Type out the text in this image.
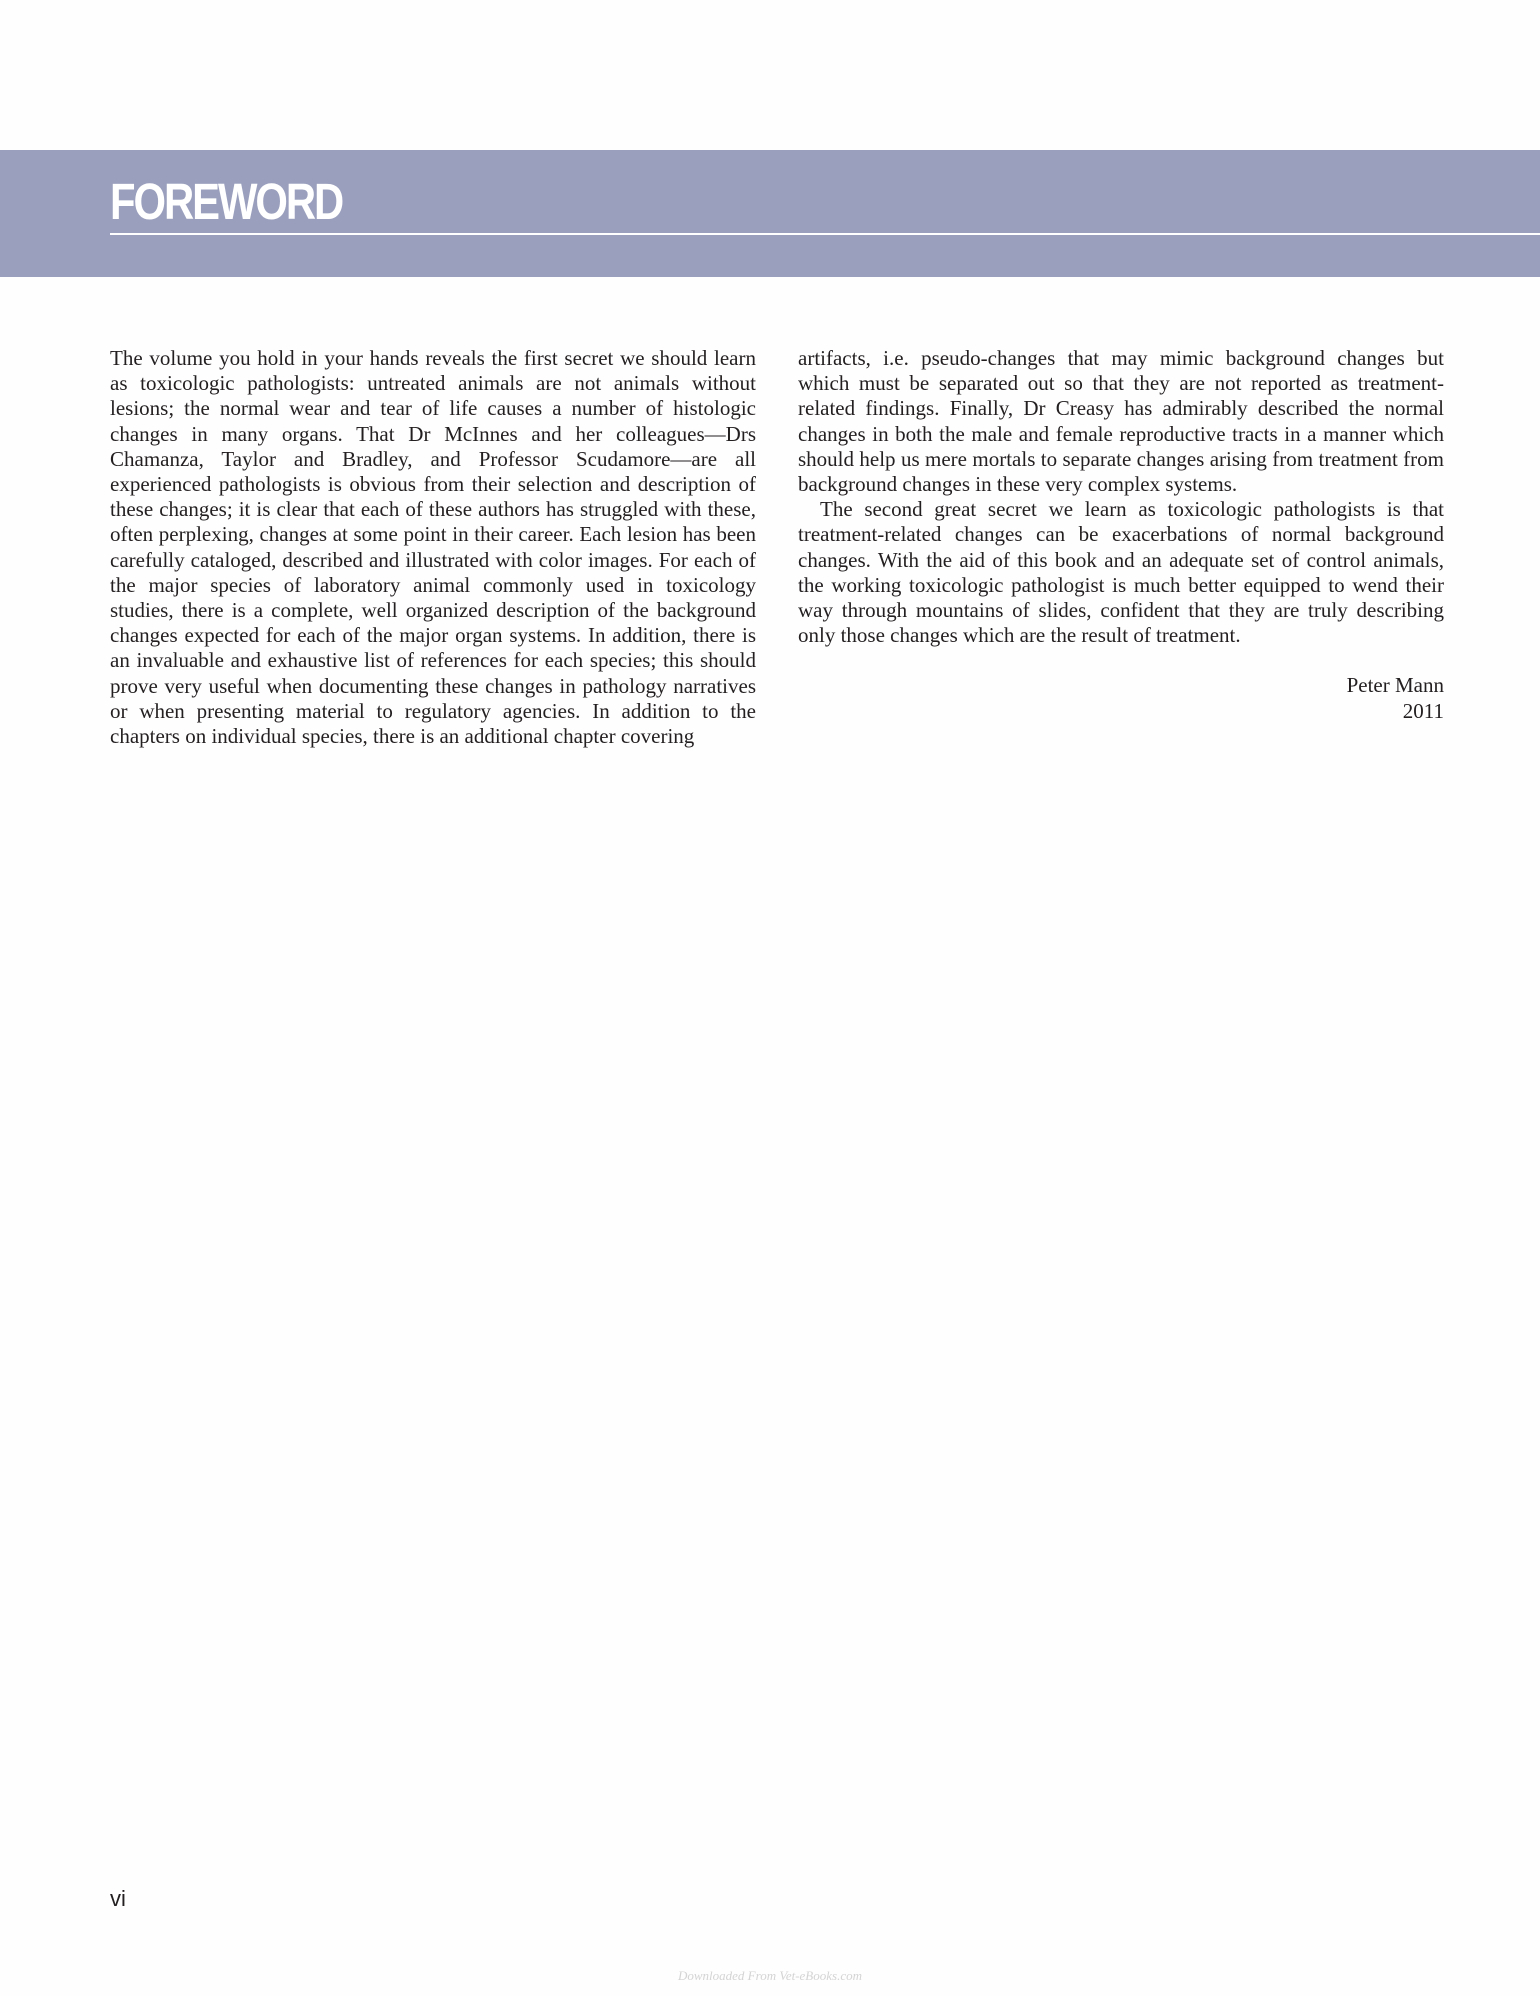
FOREWORD

The volume you hold in your hands reveals the first secret we should learn as toxicologic pathologists: untreated animals are not animals without lesions; the normal wear and tear of life causes a number of histologic changes in many organs. That Dr McInnes and her colleagues—Drs Chamanza, Taylor and Bradley, and Professor Scudamore—are all experienced pathologists is obvious from their selection and description of these changes; it is clear that each of these authors has struggled with these, often perplexing, changes at some point in their career. Each lesion has been carefully cataloged, described and illustrated with color images. For each of the major species of laboratory animal commonly used in toxicology studies, there is a complete, well organized description of the background changes expected for each of the major organ systems. In addition, there is an invaluable and exhaustive list of references for each species; this should prove very useful when documenting these changes in pathology narratives or when presenting material to regulatory agencies. In addition to the chapters on individual species, there is an additional chapter covering

artifacts, i.e. pseudo-changes that may mimic background changes but which must be separated out so that they are not reported as treatment-related findings. Finally, Dr Creasy has admirably described the normal changes in both the male and female reproductive tracts in a manner which should help us mere mortals to separate changes arising from treatment from background changes in these very complex systems.

The second great secret we learn as toxicologic pathologists is that treatment-related changes can be exacerbations of normal background changes. With the aid of this book and an adequate set of control animals, the working toxicologic pathologist is much better equipped to wend their way through mountains of slides, confident that they are truly describing only those changes which are the result of treatment.

Peter Mann
2011
vi
Downloaded From Vet-eBooks.com
